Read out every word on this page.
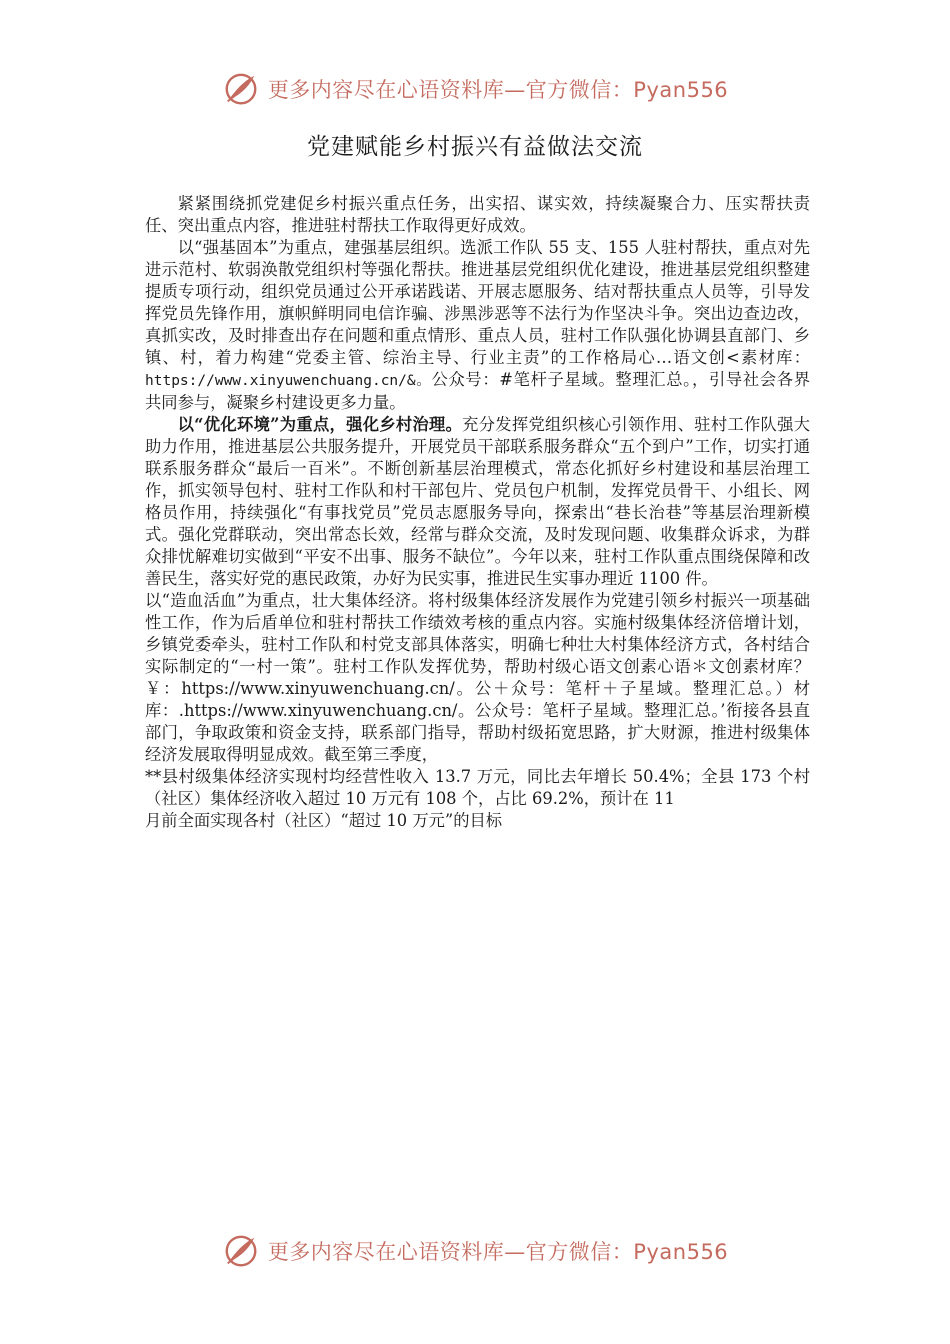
更多内容尽在心语资料库—官方微信：Pyan556
党建赋能乡村振兴有益做法交流

紧紧围绕抓党建促乡村振兴重点任务，出实招、谋实效，持续凝聚合力、压实帮扶责任、突出重点内容，推进驻村帮扶工作取得更好成效。

以“强基固本”为重点，建强基层组织。选派工作队 55 支、155 人驻村帮扶，重点对先进示范村、软弱涣散党组织村等强化帮扶。推进基层党组织优化建设，推进基层党组织整建提质专项行动，组织党员通过公开承诺践诺、开展志愿服务、结对帮扶重点人员等，引导发挥党员先锋作用，旗帜鲜明同电信诈骗、涉黑涉恶等不法行为作坚决斗争。突出边查边改，真抓实改，及时排查出存在问题和重点情形、重点人员，驻村工作队强化协调县直部门、乡镇、村，着力构建“党委主管、综治主导、行业主责”的工作格局心…语文创<素材库：https://www.xinyuwenchuang.cn/&。公众号：#笔杆子星域。整理汇总。，引导社会各界共同参与，凝聚乡村建设更多力量。

以“优化环境”为重点，强化乡村治理。充分发挥党组织核心引领作用、驻村工作队强大助力作用，推进基层公共服务提升，开展党员干部联系服务群众“五个到户”工作，切实打通联系服务群众“最后一百米”。不断创新基层治理模式，常态化抓好乡村建设和基层治理工作，抓实领导包村、驻村工作队和村干部包片、党员包户机制，发挥党员骨干、小组长、网格员作用，持续强化“有事找党员”党员志愿服务导向，探索出“巷长治巷”等基层治理新模式。强化党群联动，突出常态长效，经常与群众交流，及时发现问题、收集群众诉求，为群众排忧解难切实做到“平安不出事、服务不缺位”。今年以来，驻村工作队重点围绕保障和改善民生，落实好党的惠民政策，办好为民实事，推进民生实事办理近 1100 件。

以“造血活血”为重点，壮大集体经济。将村级集体经济发展作为党建引领乡村振兴一项基础性工作，作为后盾单位和驻村帮扶工作绩效考核的重点内容。实施村级集体经济倍增计划，乡镇党委牵头，驻村工作队和村党支部具体落实，明确七种壮大村集体经济方式，各村结合实际制定的“一村一策”。驻村工作队发挥优势，帮助村级心语文创素心语＊文创素材库？￥：https://www.xinyuwenchuang.cn/。公＋众号：笔杆＋子星域。整理汇总。）材库：.https://www.xinyuwenchuang.cn/。公众号：笔杆子星域。整理汇总。’衔接各县直部门，争取政策和资金支持，联系部门指导，帮助村级拓宽思路，扩大财源，推进村级集体经济发展取得明显成效。截至第三季度，

**县村级集体经济实现村均经营性收入 13.7 万元，同比去年增长 50.4%；全县 173 个村（社区）集体经济收入超过 10 万元有 108 个，占比 69.2%，预计在 11

月前全面实现各村（社区）“超过 10 万元”的目标

更多内容尽在心语资料库—官方微信：Pyan556
